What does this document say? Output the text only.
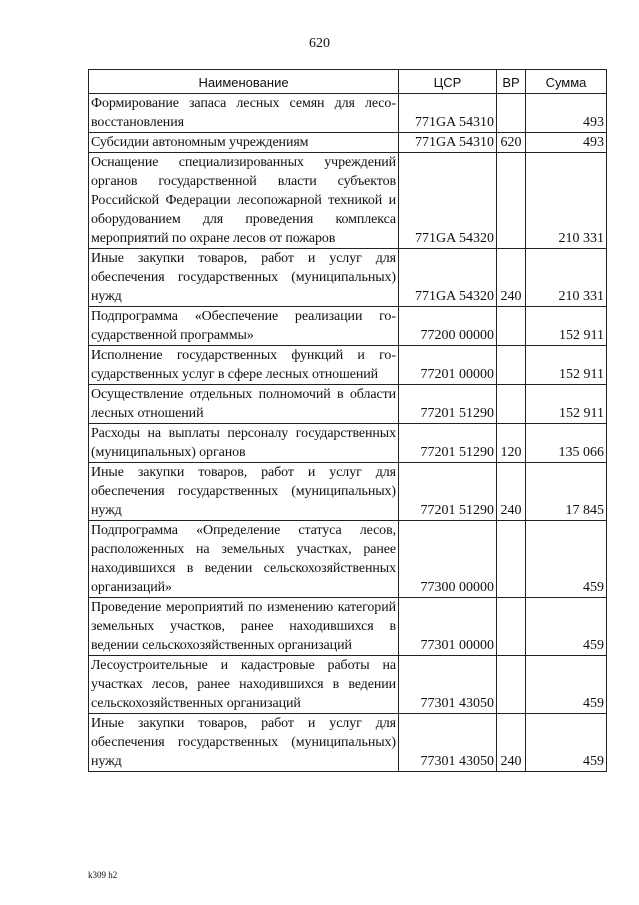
620
Наименование	ЦСР	ВР	Сумма
Формирование запаса лесных семян для лесовосстановления	771GA 54310		493
Субсидии автономным учреждениям	771GA 54310	620	493
Оснащение специализированных учреждений органов государственной власти субъектов Российской Федерации лесопожарной техникой и оборудованием для проведения комплекса мероприятий по охране лесов от пожаров	771GA 54320		210 331
Иные закупки товаров, работ и услуг для обеспечения государственных (муниципальных) нужд	771GA 54320	240	210 331
Подпрограмма «Обеспечение реализации государственной программы»	77200 00000		152 911
Исполнение государственных функций и государственных услуг в сфере лесных отношений	77201 00000		152 911
Осуществление отдельных полномочий в области лесных отношений	77201 51290		152 911
Расходы на выплаты персоналу государственных (муниципальных) органов	77201 51290	120	135 066
Иные закупки товаров, работ и услуг для обеспечения государственных (муниципальных) нужд	77201 51290	240	17 845
Подпрограмма «Определение статуса лесов, расположенных на земельных участках, ранее находившихся в ведении сельскохозяйственных организаций»	77300 00000		459
Проведение мероприятий по изменению категорий земельных участков, ранее находившихся в ведении сельскохозяйственных организаций	77301 00000		459
Лесоустроительные и кадастровые работы на участках лесов, ранее находившихся в ведении сельскохозяйственных организаций	77301 43050		459
Иные закупки товаров, работ и услуг для обеспечения государственных (муниципальных) нужд	77301 43050	240	459
k309 h2
